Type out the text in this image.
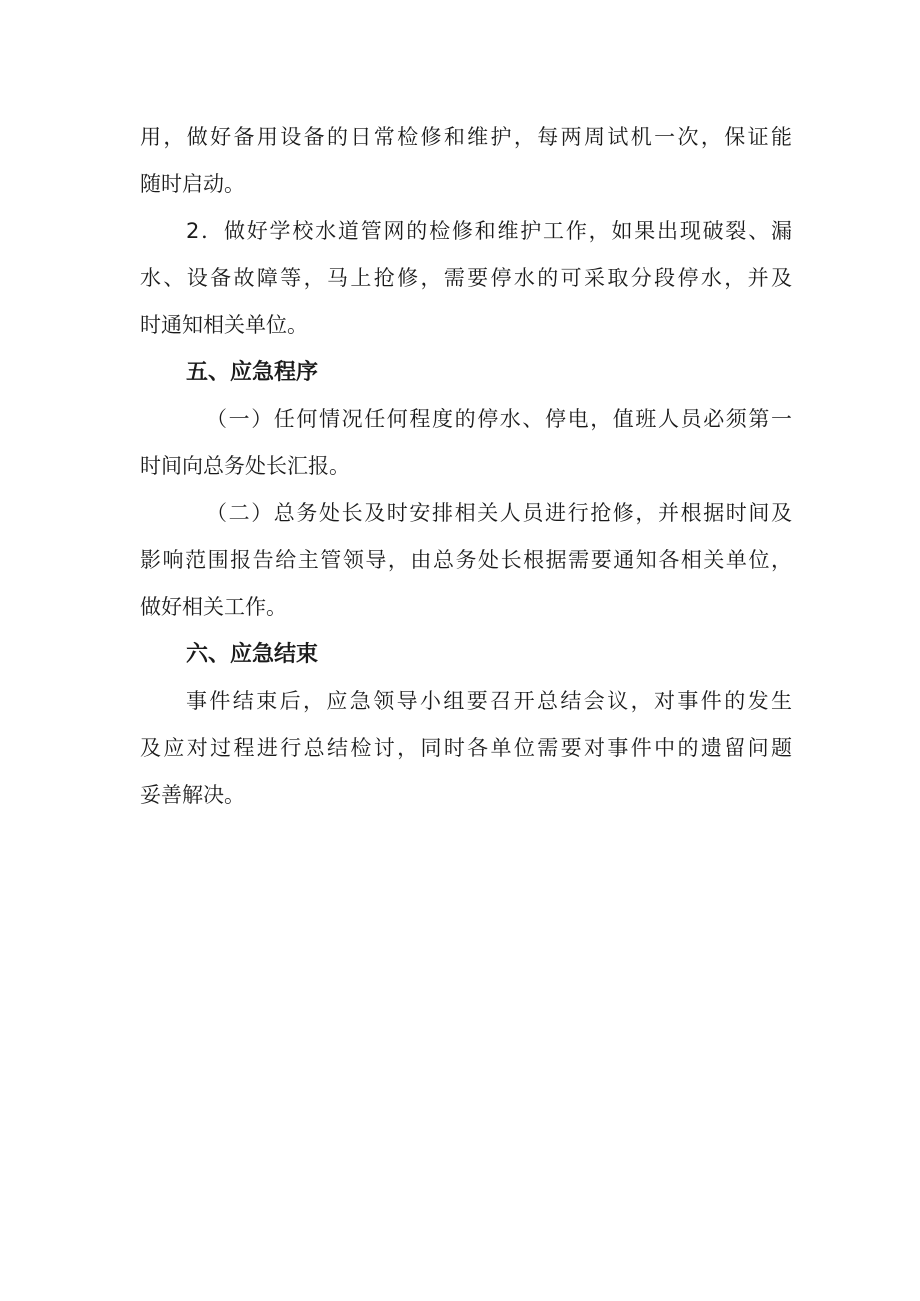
用，做好备用设备的日常检修和维护，每两周试机一次，保证能
随时启动。
2．做好学校水道管网的检修和维护工作，如果出现破裂、漏
水、设备故障等，马上抢修，需要停水的可采取分段停水，并及
时通知相关单位。
五、应急程序
（一）任何情况任何程度的停水、停电，值班人员必须第一
时间向总务处长汇报。
（二）总务处长及时安排相关人员进行抢修，并根据时间及
影响范围报告给主管领导，由总务处长根据需要通知各相关单位，
做好相关工作。
六、应急结束
事件结束后，应急领导小组要召开总结会议，对事件的发生
及应对过程进行总结检讨，同时各单位需要对事件中的遗留问题
妥善解决。
